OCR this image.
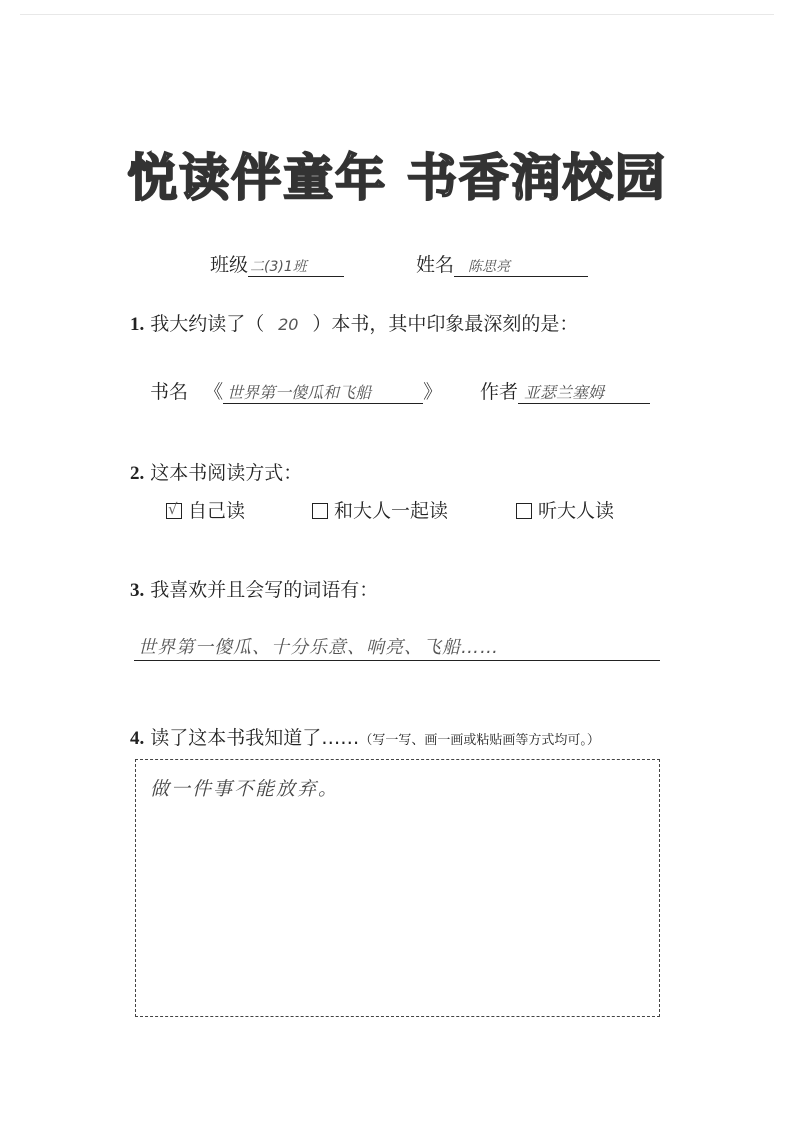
悦读伴童年 书香润校园
班级 二(3)1班	姓名 陈思亮
1. 我大约读了（ 20 ）本书，其中印象最深刻的是：
书名 《 世界第一傻瓜和飞船	》 作者 亚瑟兰塞姆
2. 这本书阅读方式：
√ 自己读	和大人一起读	听大人读
3. 我喜欢并且会写的词语有：
世界第一傻瓜、十分乐意、响亮、飞船……
4. 读了这本书我知道了……（写一写、画一画或粘贴画等方式均可。）
做一件事不能放弃。
